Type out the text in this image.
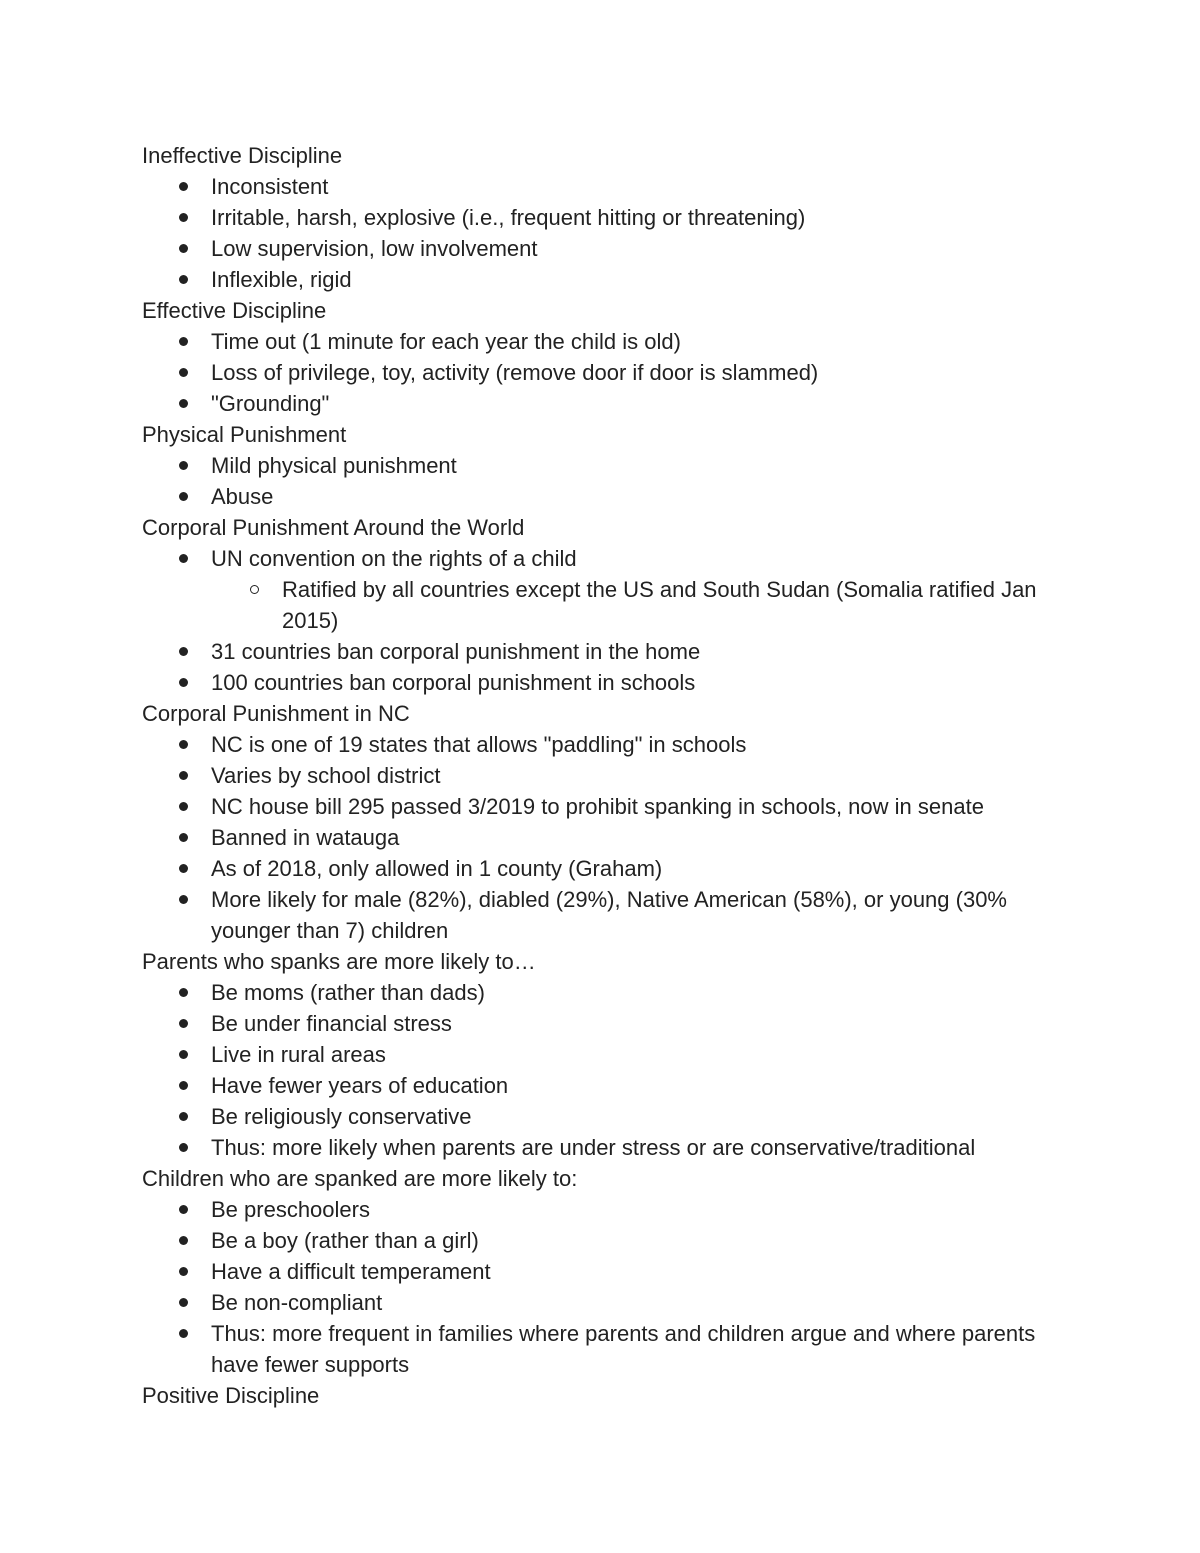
Ineffective Discipline

Inconsistent
Irritable, harsh, explosive (i.e., frequent hitting or threatening)
Low supervision, low involvement
Inflexible, rigid

Effective Discipline

Time out (1 minute for each year the child is old)
Loss of privilege, toy, activity (remove door if door is slammed)
"Grounding"

Physical Punishment

Mild physical punishment
Abuse

Corporal Punishment Around the World

UN convention on the rights of a child
Ratified by all countries except the US and South Sudan (Somalia ratified Jan 2015)
31 countries ban corporal punishment in the home
100 countries ban corporal punishment in schools

Corporal Punishment in NC

NC is one of 19 states that allows "paddling" in schools
Varies by school district
NC house bill 295 passed 3/2019 to prohibit spanking in schools, now in senate
Banned in watauga
As of 2018, only allowed in 1 county (Graham)
More likely for male (82%), diabled (29%), Native American (58%), or young (30% younger than 7) children

Parents who spanks are more likely to…

Be moms (rather than dads)
Be under financial stress
Live in rural areas
Have fewer years of education
Be religiously conservative
Thus: more likely when parents are under stress or are conservative/traditional

Children who are spanked are more likely to:

Be preschoolers
Be a boy (rather than a girl)
Have a difficult temperament
Be non-compliant
Thus: more frequent in families where parents and children argue and where parents have fewer supports

Positive Discipline
